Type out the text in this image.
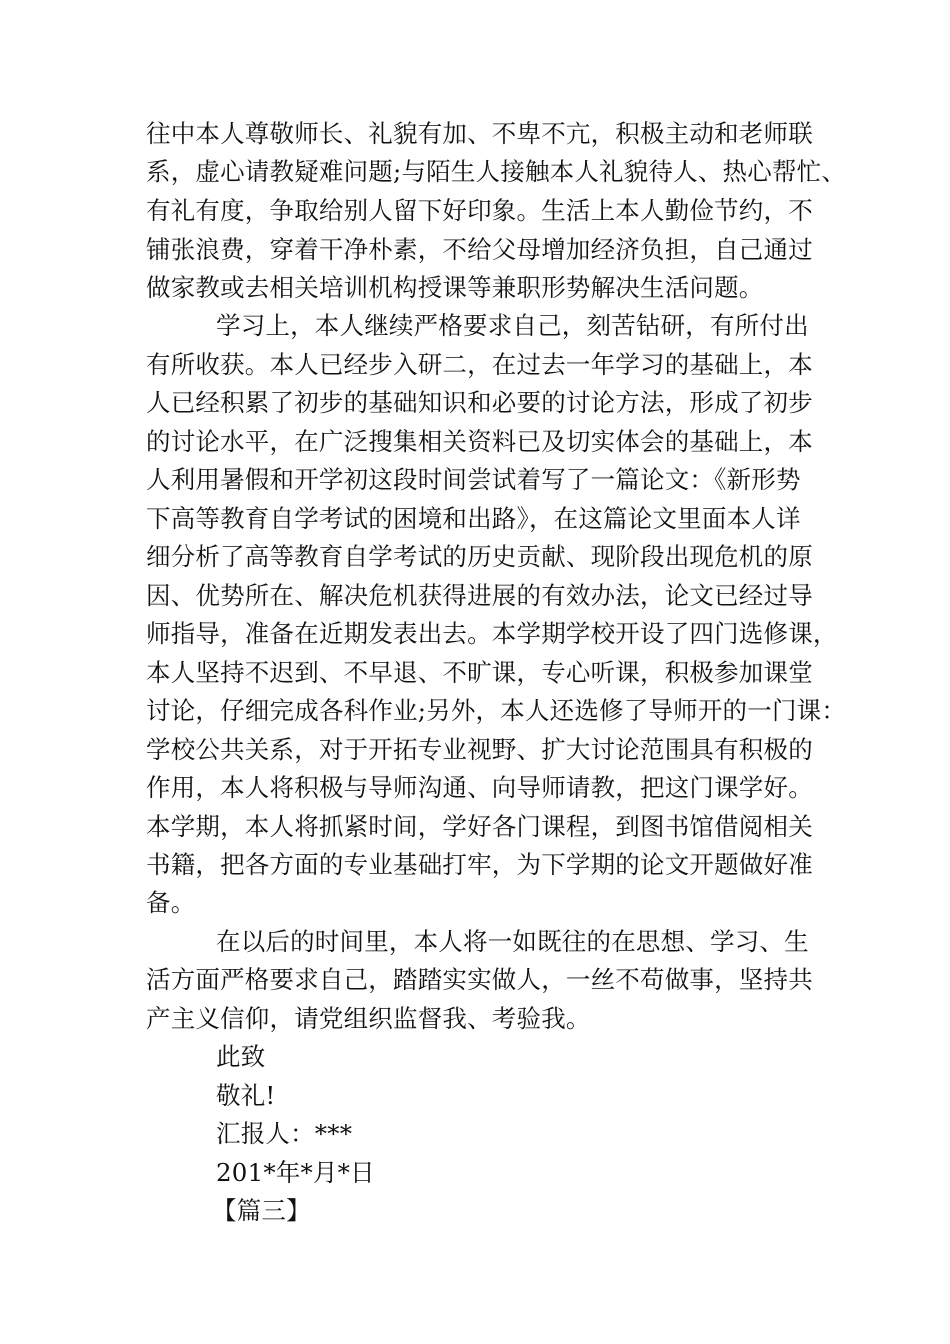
往中本人尊敬师长、礼貌有加、不卑不亢，积极主动和老师联
系，虚心请教疑难问题;与陌生人接触本人礼貌待人、热心帮忙、
有礼有度，争取给别人留下好印象。生活上本人勤俭节约，不
铺张浪费，穿着干净朴素，不给父母增加经济负担，自己通过
做家教或去相关培训机构授课等兼职形势解决生活问题。
学习上，本人继续严格要求自己，刻苦钻研，有所付出
有所收获。本人已经步入研二，在过去一年学习的基础上，本
人已经积累了初步的基础知识和必要的讨论方法，形成了初步
的讨论水平，在广泛搜集相关资料已及切实体会的基础上，本
人利用暑假和开学初这段时间尝试着写了一篇论文：《新形势
下高等教育自学考试的困境和出路》，在这篇论文里面本人详
细分析了高等教育自学考试的历史贡献、现阶段出现危机的原
因、优势所在、解决危机获得进展的有效办法，论文已经过导
师指导，准备在近期发表出去。本学期学校开设了四门选修课，
本人坚持不迟到、不早退、不旷课，专心听课，积极参加课堂
讨论，仔细完成各科作业;另外，本人还选修了导师开的一门课：
学校公共关系，对于开拓专业视野、扩大讨论范围具有积极的
作用，本人将积极与导师沟通、向导师请教，把这门课学好。
本学期，本人将抓紧时间，学好各门课程，到图书馆借阅相关
书籍，把各方面的专业基础打牢，为下学期的论文开题做好准
备。
在以后的时间里，本人将一如既往的在思想、学习、生
活方面严格要求自己，踏踏实实做人，一丝不苟做事，坚持共
产主义信仰，请党组织监督我、考验我。
此致
敬礼!
汇报人：***
201*年*月*日
【篇三】
